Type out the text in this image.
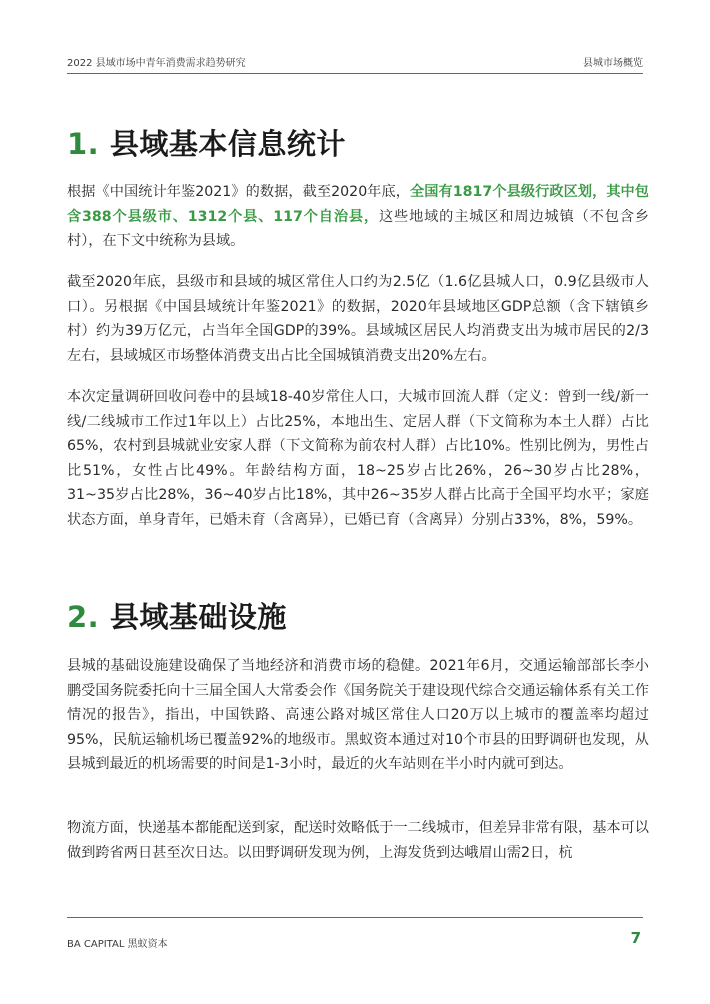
2022 县域市场中青年消费需求趋势研究	县城市场概览
1. 县域基本信息统计

根据《中国统计年鉴2021》的数据，截至2020年底，全国有1817个县级行政区划，其中包含388个县级市、1312个县、117个自治县，这些地域的主城区和周边城镇（不包含乡村），在下文中统称为县域。

截至2020年底，县级市和县域的城区常住人口约为2.5亿（1.6亿县城人口，0.9亿县级市人口）。另根据《中国县域统计年鉴2021》的数据，2020年县域地区GDP总额（含下辖镇乡村）约为39万亿元，占当年全国GDP的39%。县域城区居民人均消费支出为城市居民的2/3左右，县域城区市场整体消费支出占比全国城镇消费支出20%左右。

本次定量调研回收问卷中的县域18-40岁常住人口，大城市回流人群（定义：曾到一线/新一线/二线城市工作过1年以上）占比25%，本地出生、定居人群（下文简称为本土人群）占比65%，农村到县城就业安家人群（下文简称为前农村人群）占比10%。性别比例为，男性占比51%，女性占比49%。年龄结构方面，18~25岁占比26%，26~30岁占比28%，31~35岁占比28%，36~40岁占比18%，其中26~35岁人群占比高于全国平均水平；家庭状态方面，单身青年，已婚未育（含离异），已婚已育（含离异）分别占33%，8%，59%。

2. 县域基础设施

县城的基础设施建设确保了当地经济和消费市场的稳健。2021年6月，交通运输部部长李小鹏受国务院委托向十三届全国人大常委会作《国务院关于建设现代综合交通运输体系有关工作情况的报告》，指出，中国铁路、高速公路对城区常住人口20万以上城市的覆盖率均超过95%，民航运输机场已覆盖92%的地级市。黑蚁资本通过对10个市县的田野调研也发现，从县城到最近的机场需要的时间是1-3小时，最近的火车站则在半小时内就可到达。

物流方面，快递基本都能配送到家，配送时效略低于一二线城市，但差异非常有限，基本可以做到跨省两日甚至次日达。以田野调研发现为例，上海发货到达峨眉山需2日，杭

BA CAPITAL 黑蚁资本	7
